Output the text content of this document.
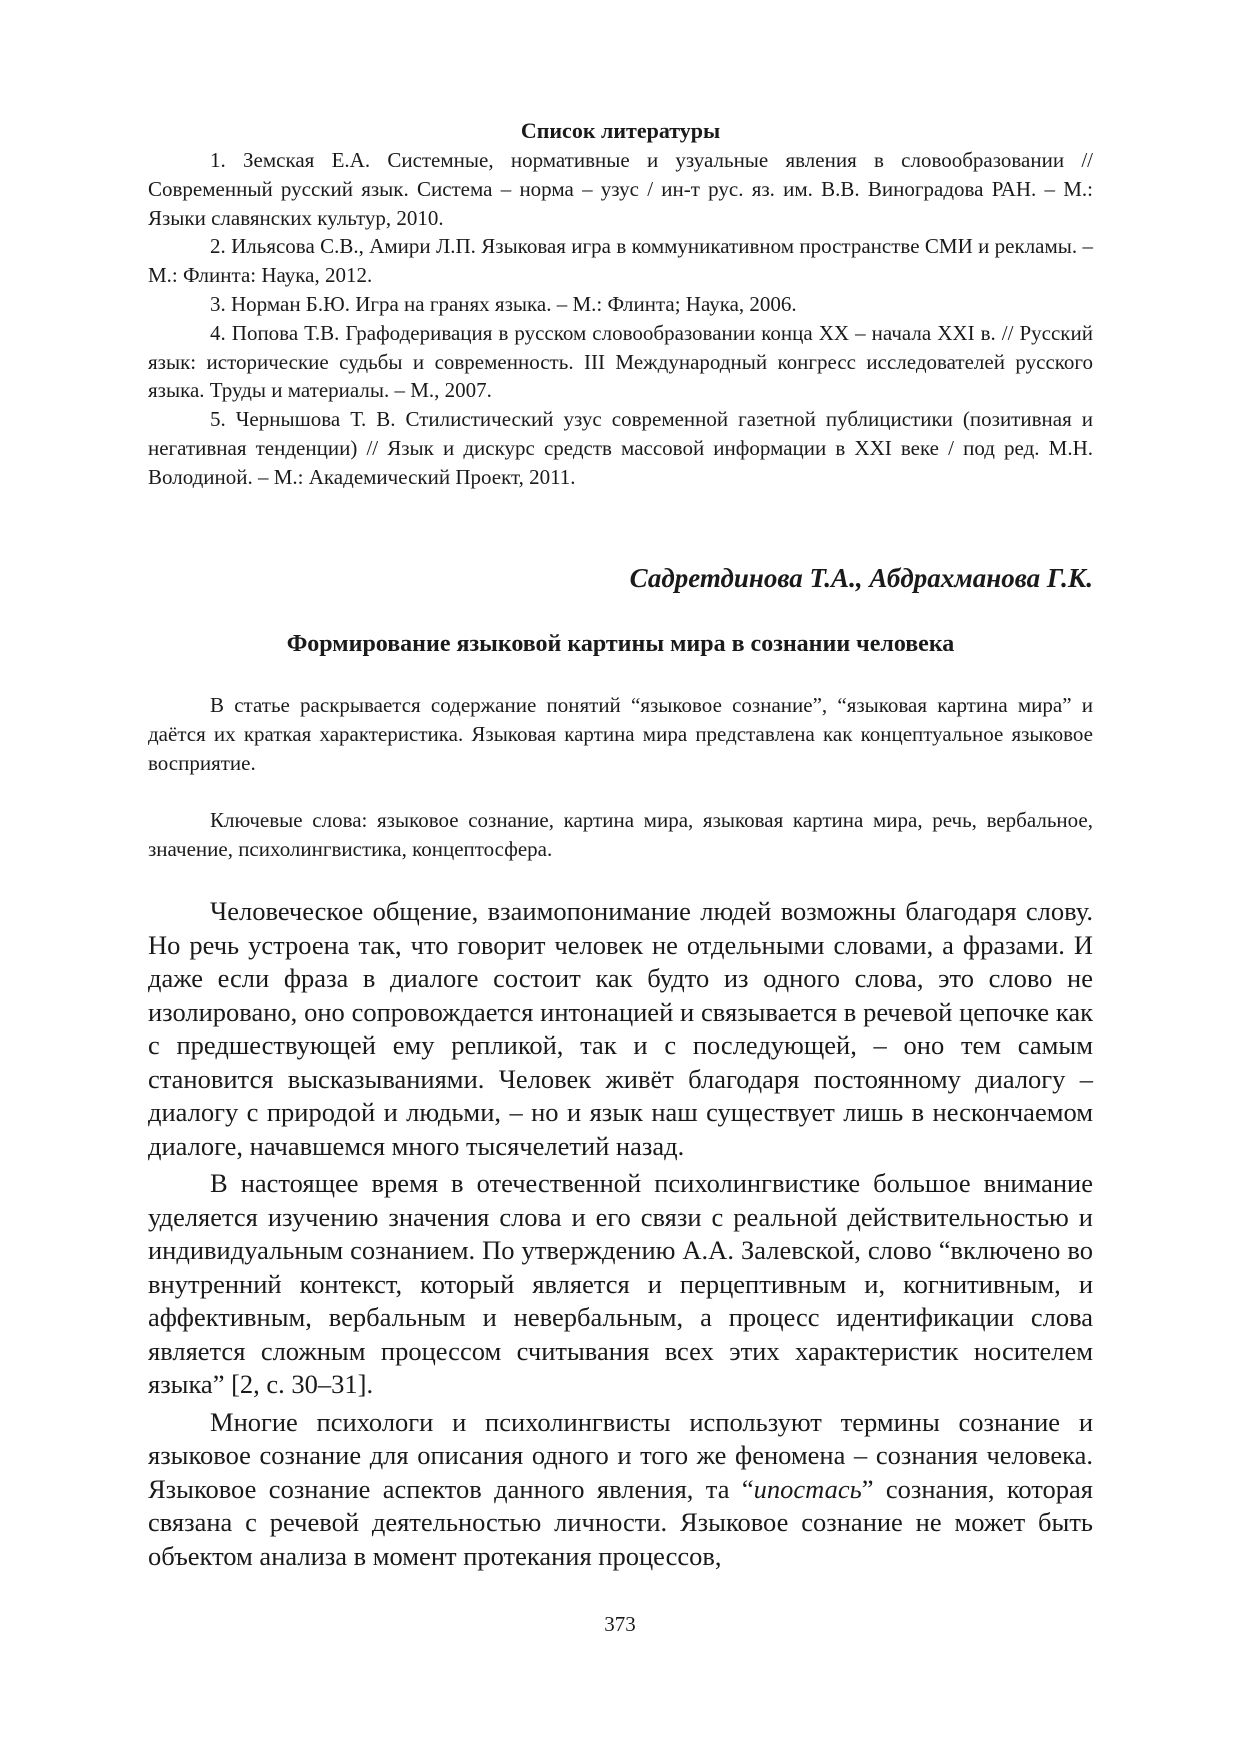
Список литературы

1. Земская Е.А. Системные, нормативные и узуальные явления в словообразовании // Современный русский язык. Система – норма – узус / ин-т рус. яз. им. В.В. Виноградова РАН. – М.: Языки славянских культур, 2010.

2. Ильясова С.В., Амири Л.П. Языковая игра в коммуникативном пространстве СМИ и рекламы. – М.: Флинта: Наука, 2012.

3. Норман Б.Ю. Игра на гранях языка. – М.: Флинта; Наука, 2006.

4. Попова Т.В. Графодеривация в русском словообразовании конца XX – начала XXI в. // Русский язык: исторические судьбы и современность. III Международный конгресс исследователей русского языка. Труды и материалы. – М., 2007.

5. Чернышова Т. В. Стилистический узус современной газетной публицистики (позитивная и негативная тенденции) // Язык и дискурс средств массовой информации в XXI веке / под ред. М.Н. Володиной. – М.: Академический Проект, 2011.

Садретдинова Т.А., Абдрахманова Г.К.
Формирование языковой картины мира в сознании человека

В статье раскрывается содержание понятий “языковое сознание”, “языковая картина мира” и даётся их краткая характеристика. Языковая картина мира представлена как концептуальное языковое восприятие.

Ключевые слова: языковое сознание, картина мира, языковая картина мира, речь, вербальное, значение, психолингвистика, концептосфера.

Человеческое общение, взаимопонимание людей возможны благодаря слову. Но речь устроена так, что говорит человек не отдельными словами, а фразами. И даже если фраза в диалоге состоит как будто из одного слова, это слово не изолировано, оно сопровождается интонацией и связывается в речевой цепочке как с предшествующей ему репликой, так и с последующей, – оно тем самым становится высказываниями. Человек живёт благодаря постоянному диалогу – диалогу с природой и людьми, – но и язык наш существует лишь в нескончаемом диалоге, начавшемся много тысячелетий назад.

В настоящее время в отечественной психолингвистике большое внимание уделяется изучению значения слова и его связи с реальной действительностью и индивидуальным сознанием. По утверждению А.А. Залевской, слово “включено во внутренний контекст, который является и перцептивным и, когнитивным, и аффективным, вербальным и невербальным, а процесс идентификации слова является сложным процессом считывания всех этих характеристик носителем языка” [2, с. 30–31].

Многие психологи и психолингвисты используют термины сознание и языковое сознание для описания одного и того же феномена – сознания человека. Языковое сознание аспектов данного явления, та “ипостась” сознания, которая связана с речевой деятельностью личности. Языковое сознание не может быть объектом анализа в момент протекания процессов,

373
